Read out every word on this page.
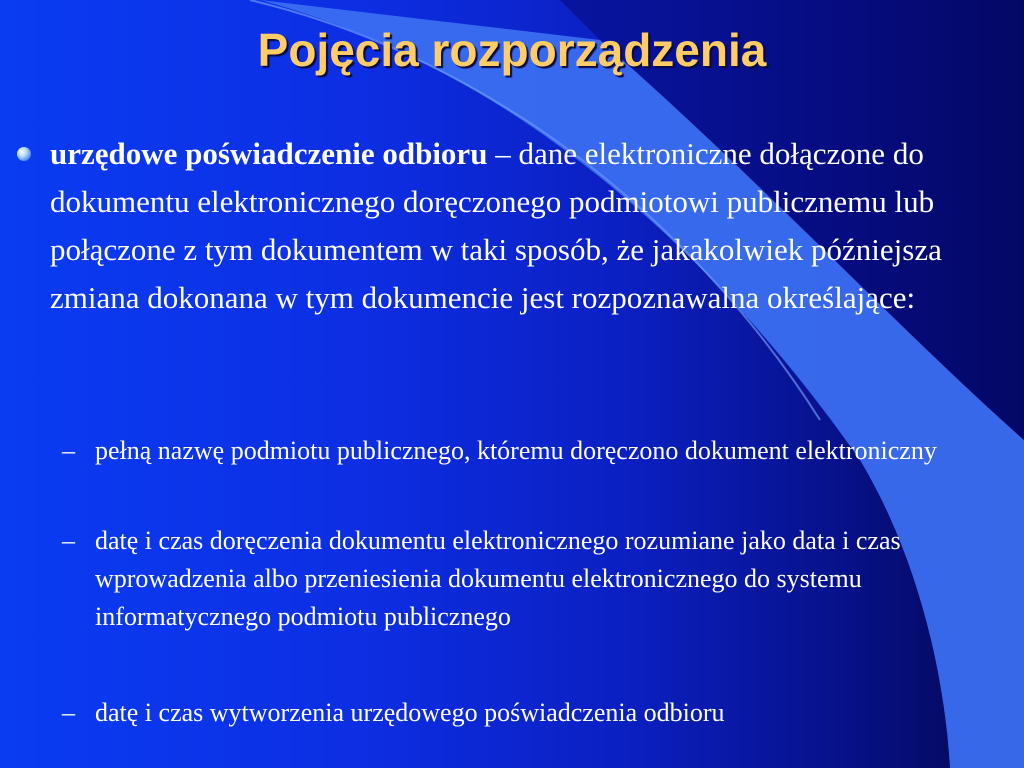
Pojęcia rozporządzenia
urzędowe poświadczenie odbioru – dane elektroniczne dołączone do dokumentu elektronicznego doręczonego podmiotowi publicznemu lub połączone z tym dokumentem w taki sposób, że jakakolwiek późniejsza zmiana dokonana w tym dokumencie jest rozpoznawalna określające:
– pełną nazwę podmiotu publicznego, któremu doręczono dokument elektroniczny
– datę i czas doręczenia dokumentu elektronicznego rozumiane jako data i czas wprowadzenia albo przeniesienia dokumentu elektronicznego do systemu informatycznego podmiotu publicznego
– datę i czas wytworzenia urzędowego poświadczenia odbioru
